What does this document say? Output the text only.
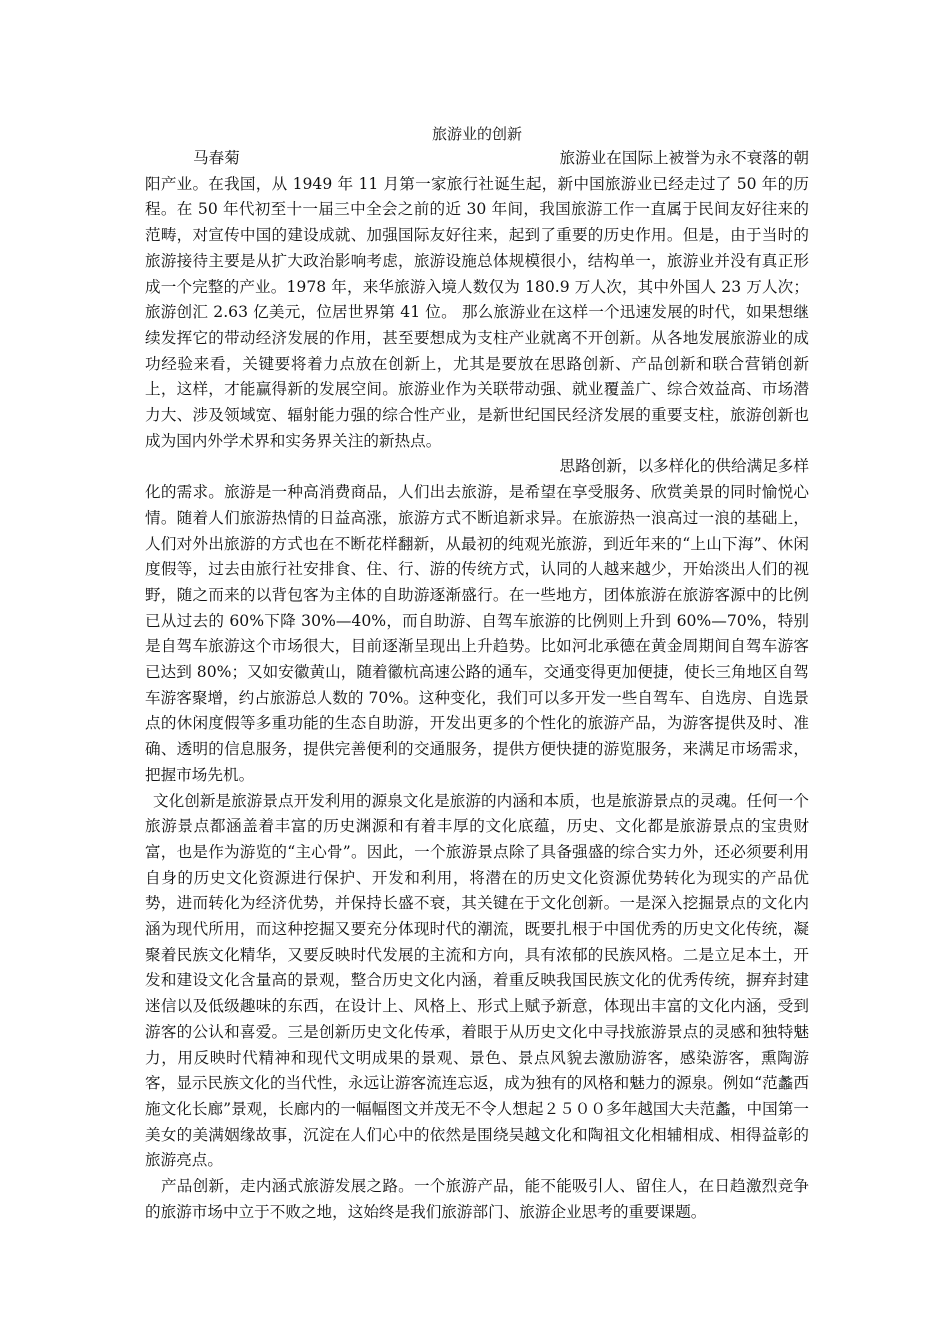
旅游业的创新

马春菊	旅游业在国际上被誉为永不衰落的朝

阳产业。在我国，从 1949 年 11 月第一家旅行社诞生起，新中国旅游业已经走过了 50 年的历程。在 50 年代初至十一届三中全会之前的近 30 年间，我国旅游工作一直属于民间友好往来的范畴，对宣传中国的建设成就、加强国际友好往来，起到了重要的历史作用。但是，由于当时的旅游接待主要是从扩大政治影响考虑，旅游设施总体规模很小，结构单一，旅游业并没有真正形成一个完整的产业。1978 年，来华旅游入境人数仅为 180.9 万人次，其中外国人 23 万人次；旅游创汇 2.63 亿美元，位居世界第 41 位。 那么旅游业在这样一个迅速发展的时代，如果想继续发挥它的带动经济发展的作用，甚至要想成为支柱产业就离不开创新。从各地发展旅游业的成功经验来看，关键要将着力点放在创新上，尤其是要放在思路创新、产品创新和联合营销创新上，这样，才能赢得新的发展空间。旅游业作为关联带动强、就业覆盖广、综合效益高、市场潜力大、涉及领域宽、辐射能力强的综合性产业，是新世纪国民经济发展的重要支柱，旅游创新也成为国内外学术界和实务界关注的新热点。

思路创新，以多样化的供给满足多样

化的需求。旅游是一种高消费商品，人们出去旅游，是希望在享受服务、欣赏美景的同时愉悦心情。随着人们旅游热情的日益高涨，旅游方式不断追新求异。在旅游热一浪高过一浪的基础上，人们对外出旅游的方式也在不断花样翻新，从最初的纯观光旅游，到近年来的“上山下海”、休闲度假等，过去由旅行社安排食、住、行、游的传统方式，认同的人越来越少，开始淡出人们的视野，随之而来的以背包客为主体的自助游逐渐盛行。在一些地方，团体旅游在旅游客源中的比例已从过去的 60%下降 30%—40%，而自助游、自驾车旅游的比例则上升到 60%—70%，特别是自驾车旅游这个市场很大，目前逐渐呈现出上升趋势。比如河北承德在黄金周期间自驾车游客已达到 80%；又如安徽黄山，随着徽杭高速公路的通车，交通变得更加便捷，使长三角地区自驾车游客聚增，约占旅游总人数的 70%。这种变化，我们可以多开发一些自驾车、自选房、自选景点的休闲度假等多重功能的生态自助游，开发出更多的个性化的旅游产品，为游客提供及时、准确、透明的信息服务，提供完善便利的交通服务，提供方便快捷的游览服务，来满足市场需求，把握市场先机。

文化创新是旅游景点开发利用的源泉文化是旅游的内涵和本质，也是旅游景点的灵魂。任何一个旅游景点都涵盖着丰富的历史渊源和有着丰厚的文化底蕴，历史、文化都是旅游景点的宝贵财富，也是作为游览的“主心骨”。因此，一个旅游景点除了具备强盛的综合实力外，还必须要利用自身的历史文化资源进行保护、开发和利用，将潜在的历史文化资源优势转化为现实的产品优势，进而转化为经济优势，并保持长盛不衰，其关键在于文化创新。一是深入挖掘景点的文化内涵为现代所用，而这种挖掘又要充分体现时代的潮流，既要扎根于中国优秀的历史文化传统，凝聚着民族文化精华，又要反映时代发展的主流和方向，具有浓郁的民族风格。二是立足本土，开发和建设文化含量高的景观，整合历史文化内涵，着重反映我国民族文化的优秀传统，摒弃封建迷信以及低级趣味的东西，在设计上、风格上、形式上赋予新意，体现出丰富的文化内涵，受到游客的公认和喜爱。三是创新历史文化传承，着眼于从历史文化中寻找旅游景点的灵感和独特魅力，用反映时代精神和现代文明成果的景观、景色、景点风貌去激励游客，感染游客，熏陶游客，显示民族文化的当代性，永远让游客流连忘返，成为独有的风格和魅力的源泉。例如“范蠡西施文化长廊”景观，长廊内的一幅幅图文并茂无不令人想起２５００多年越国大夫范蠡，中国第一美女的美满姻缘故事，沉淀在人们心中的依然是围绕吴越文化和陶祖文化相辅相成、相得益彰的旅游亮点。

产品创新，走内涵式旅游发展之路。一个旅游产品，能不能吸引人、留住人，在日趋激烈竞争的旅游市场中立于不败之地，这始终是我们旅游部门、旅游企业思考的重要课题。
